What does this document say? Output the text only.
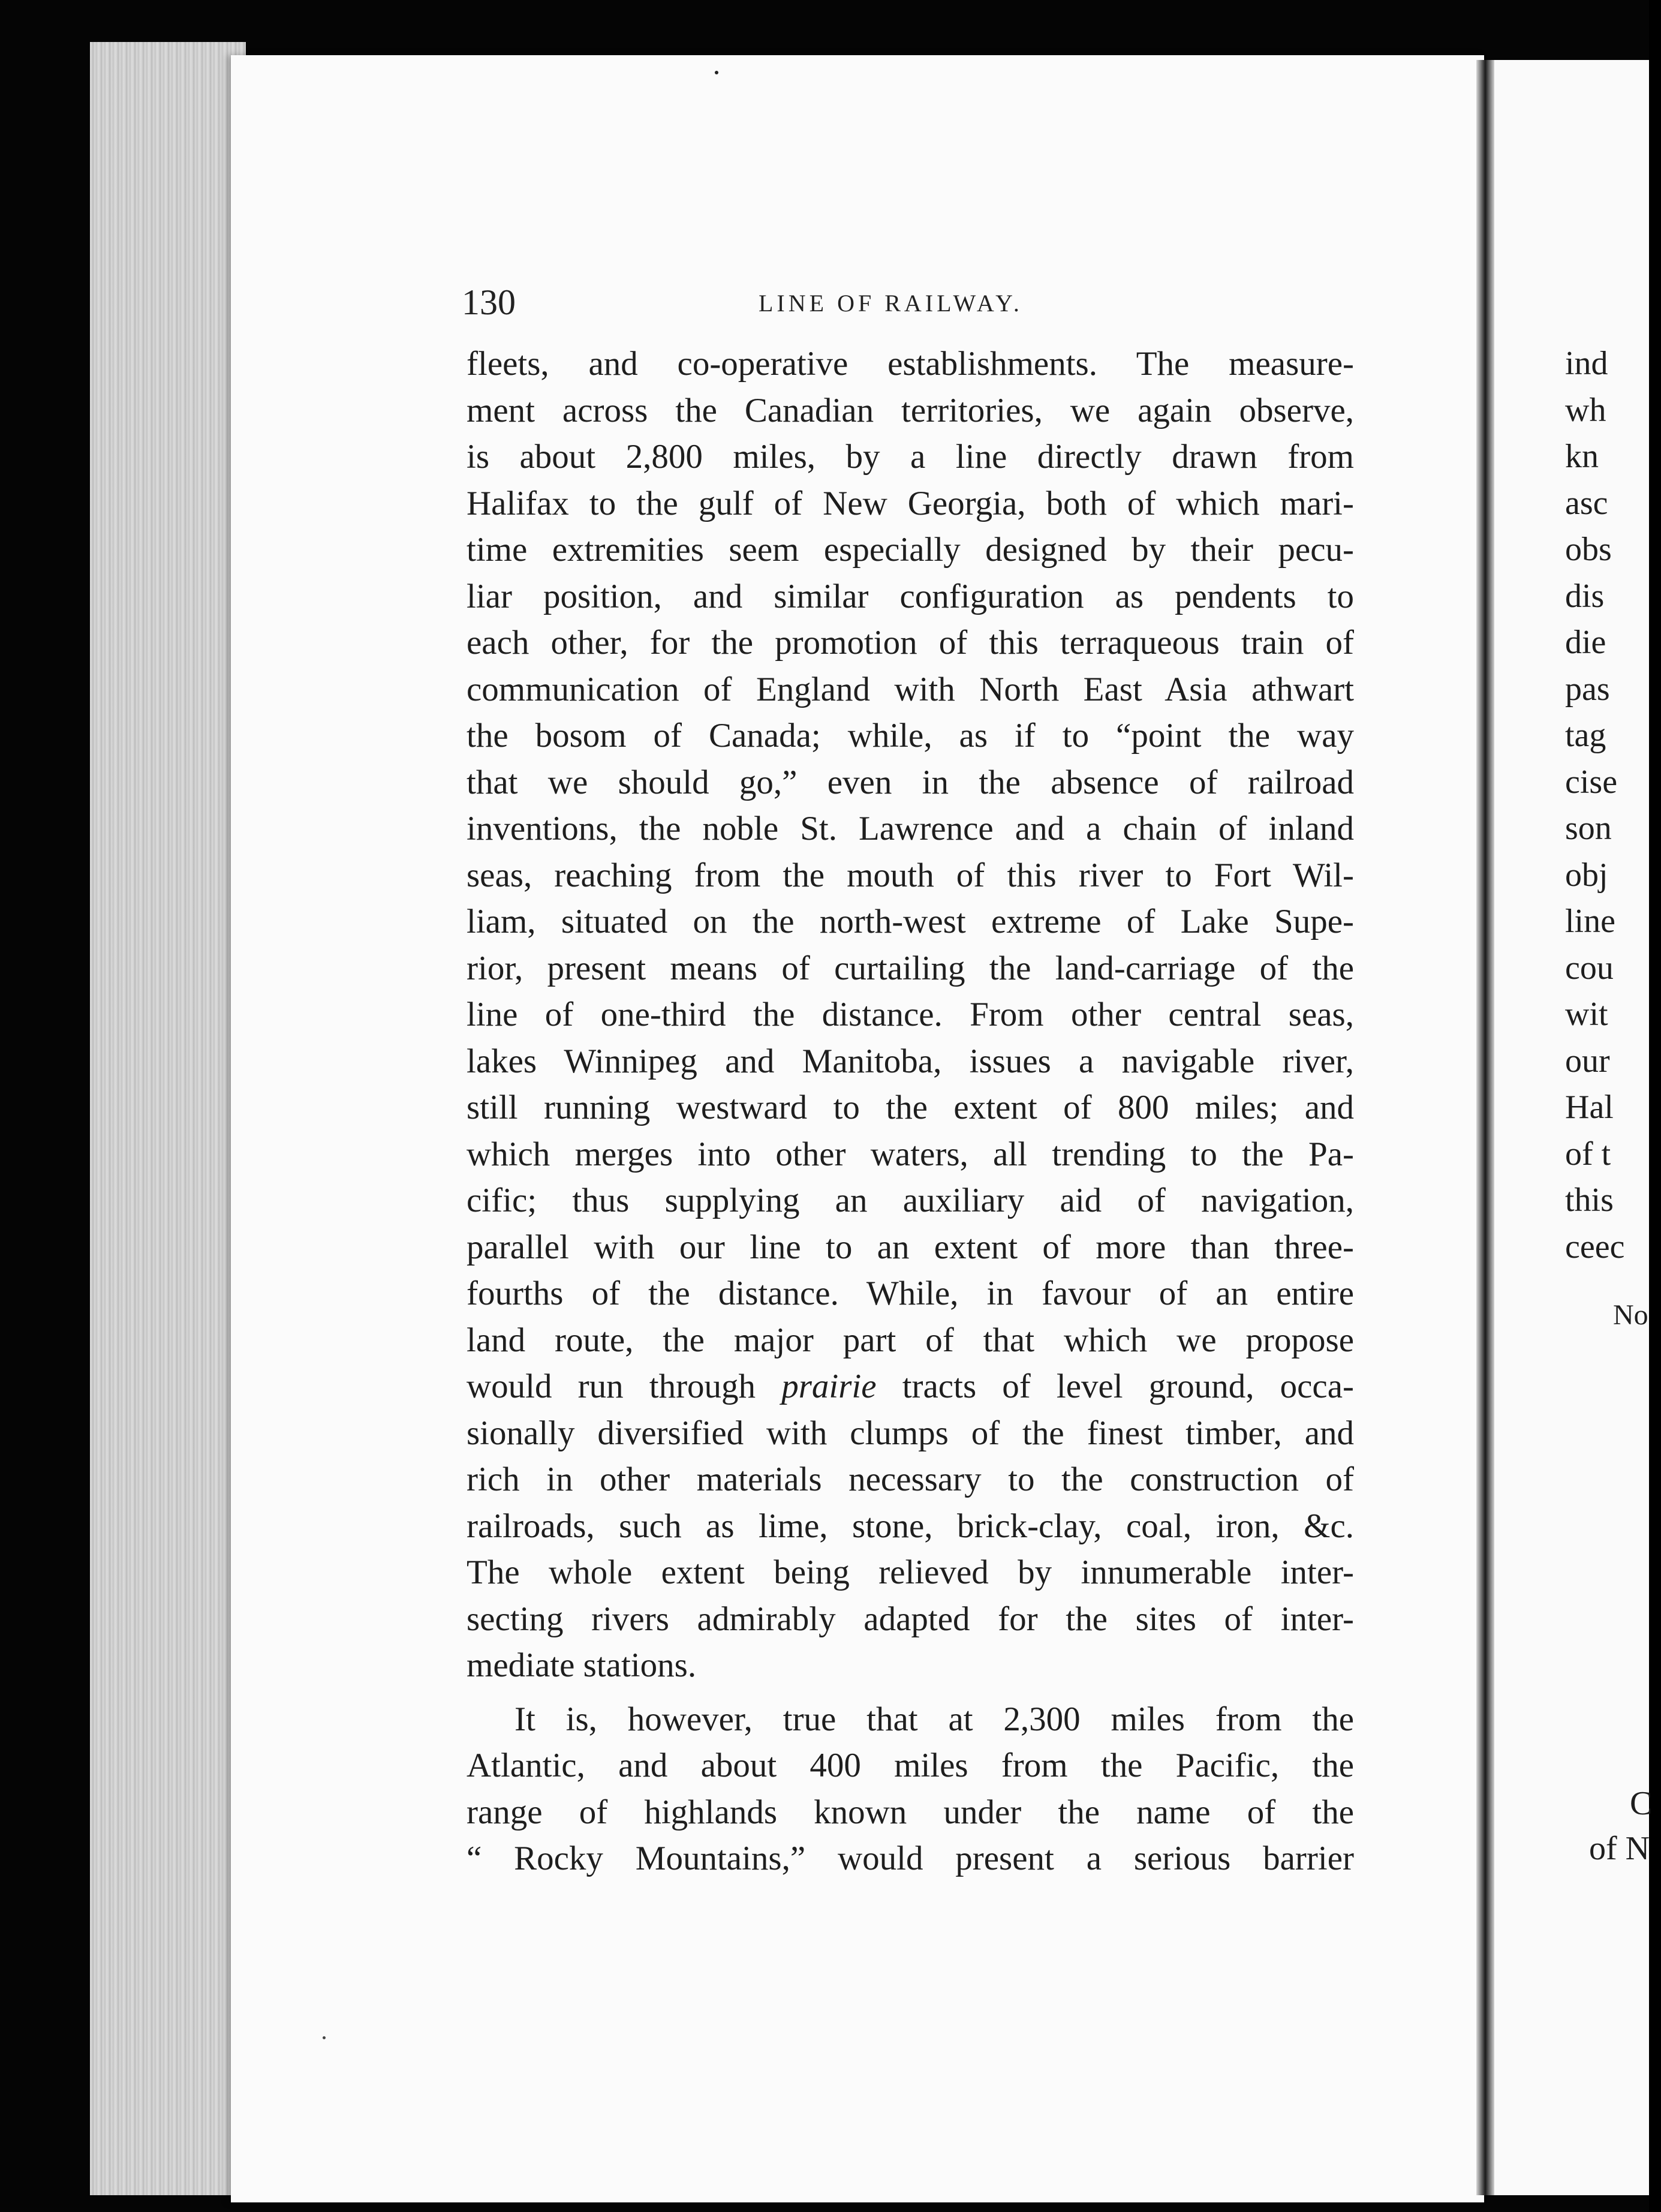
130	LINE OF RAILWAY.
fleets, and co-operative establishments. The measure-
ment across the Canadian territories, we again observe,
is about 2,800 miles, by a line directly drawn from
Halifax to the gulf of New Georgia, both of which mari-
time extremities seem especially designed by their pecu-
liar position, and similar configuration as pendents to
each other, for the promotion of this terraqueous train of
communication of England with North East Asia athwart
the bosom of Canada; while, as if to “point the way
that we should go,” even in the absence of railroad
inventions, the noble St. Lawrence and a chain of inland
seas, reaching from the mouth of this river to Fort Wil-
liam, situated on the north-west extreme of Lake Supe-
rior, present means of curtailing the land-carriage of the
line of one-third the distance. From other central seas,
lakes Winnipeg and Manitoba, issues a navigable river,
still running westward to the extent of 800 miles; and
which merges into other waters, all trending to the Pa-
cific; thus supplying an auxiliary aid of navigation,
parallel with our line to an extent of more than three-
fourths of the distance. While, in favour of an entire
land route, the major part of that which we propose
would run through prairie tracts of level ground, occa-
sionally diversified with clumps of the finest timber, and
rich in other materials necessary to the construction of
railroads, such as lime, stone, brick-clay, coal, iron, &c.
The whole extent being relieved by innumerable inter-
secting rivers admirably adapted for the sites of inter-
mediate stations.
It is, however, true that at 2,300 miles from the
Atlantic, and about 400 miles from the Pacific, the
range of highlands known under the name of the
“ Rocky Mountains,” would present a serious barrier
ind
wh
kn
asc
obs
dis
die
pas
tag
cise
son
obj
line
cou
wit
our
Hal
of t
this
ceec
No
C
of N
